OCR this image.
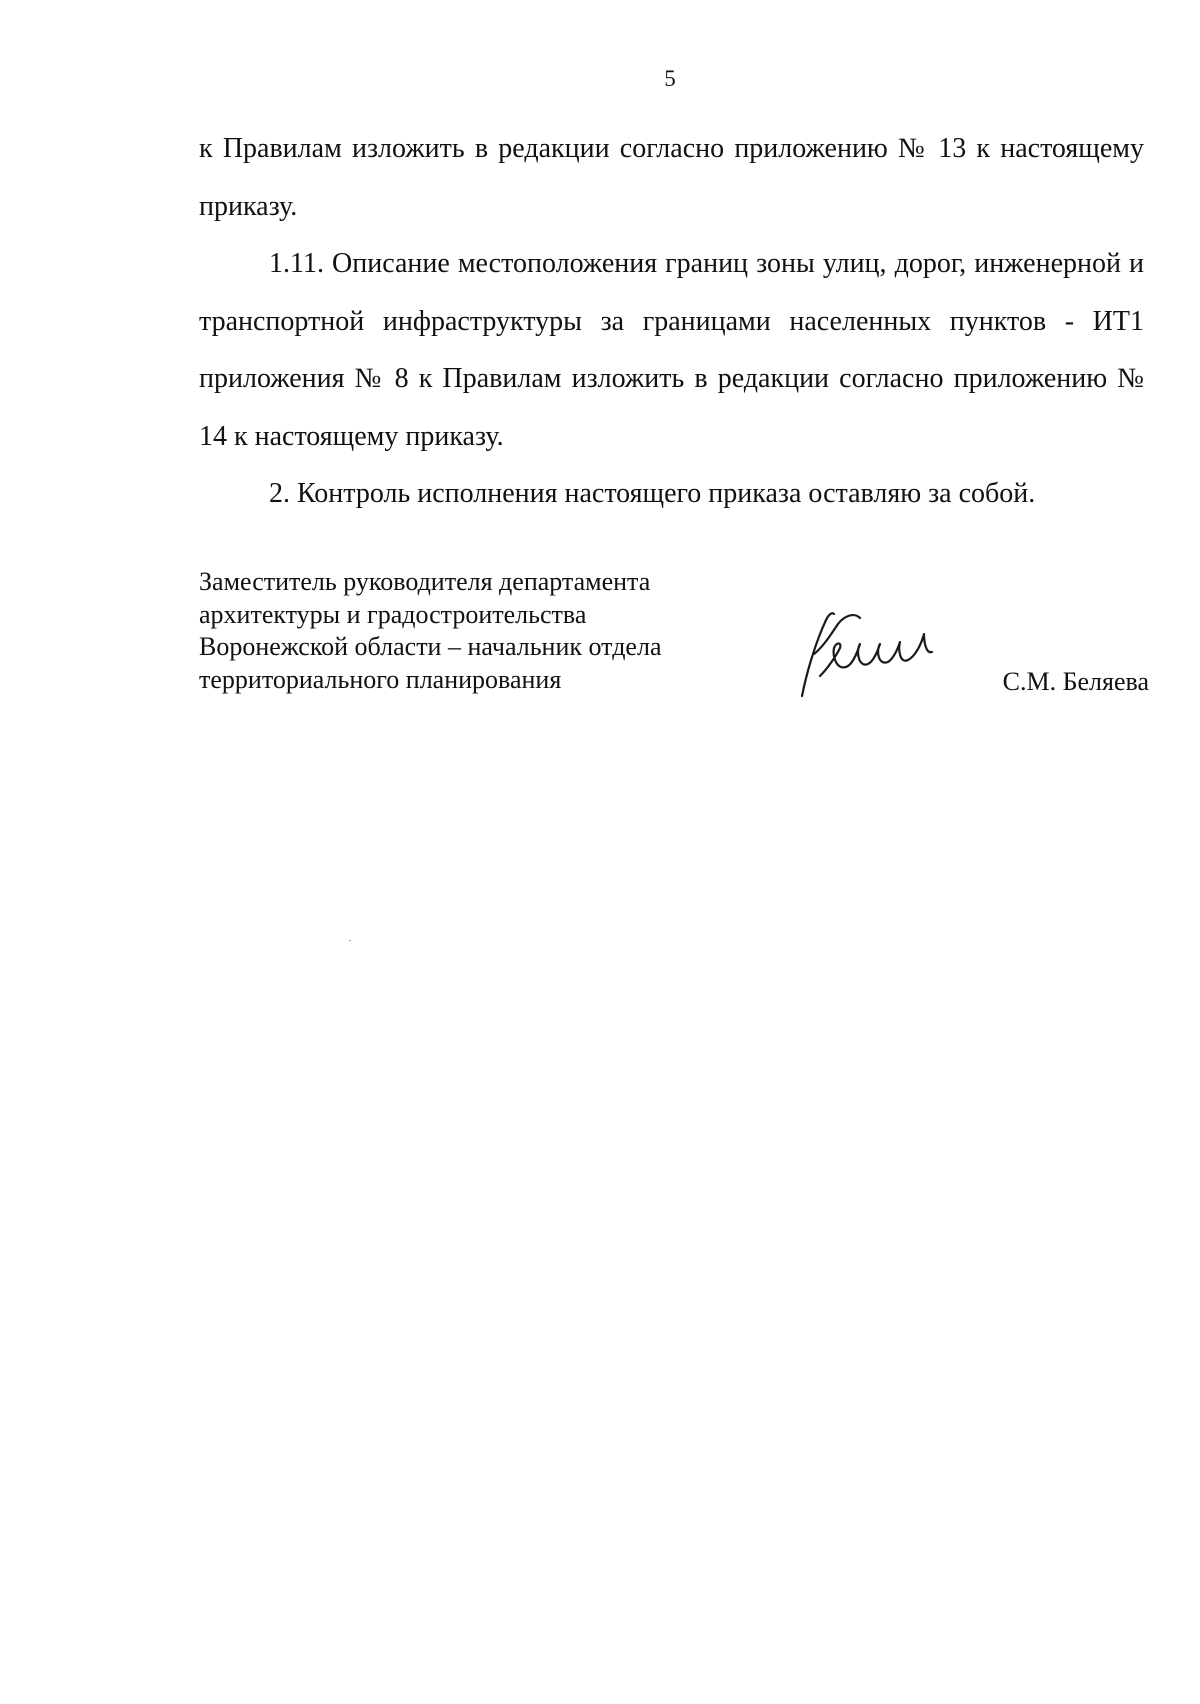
5

к Правилам изложить в редакции согласно приложению № 13 к настоящему приказу.

1.11. Описание местоположения границ зоны улиц, дорог, инженерной и транспортной инфраструктуры за границами населенных пунктов - ИТ1 приложения № 8 к Правилам изложить в редакции согласно приложению № 14 к настоящему приказу.

2. Контроль исполнения настоящего приказа оставляю за собой.

Заместитель руководителя департамента
архитектуры и градостроительства
Воронежской области – начальник отдела
территориального планирования	С.М. Беляева
